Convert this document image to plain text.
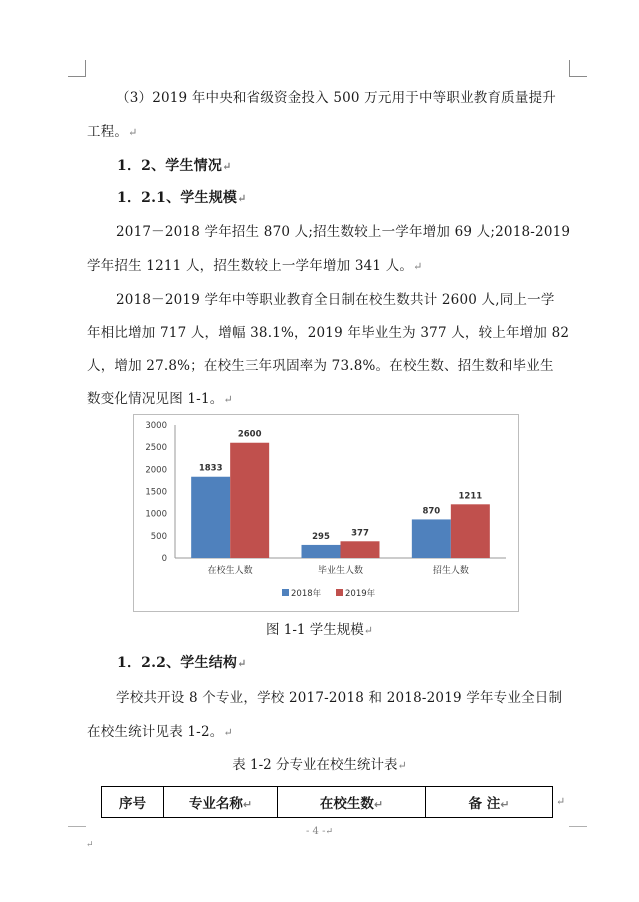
（3）2019 年中央和省级资金投入 500 万元用于中等职业教育质量提升
工程。↵
1．2、学生情况↵
1．2.1、学生规模↵
2017－2018 学年招生 870 人;招生数较上一学年增加 69 人;2018-2019
学年招生 1211 人，招生数较上一学年增加 341 人。↵
2018－2019 学年中等职业教育全日制在校生数共计 2600 人,同上一学
年相比增加 717 人，增幅 38.1%，2019 年毕业生为 377 人，较上年增加 82
人，增加 27.8%；在校生三年巩固率为 73.8%。在校生数、招生数和毕业生
数变化情况见图 1-1。↵
0
500
1000
1500
2000
2500
3000
1833
2600
在校生人数
295	377
毕业生人数
870
1211
招生人数
2018年	2019年
图 1-1 学生规模↵
1．2.2、学生结构↵
学校共开设 8 个专业，学校 2017-2018 和 2018-2019 学年专业全日制
在校生统计见表 1-2。↵
表 1-2 分专业在校生统计表↵
序号	专业名称↵	在校生数↵	备 注↵	↵
- 4 -↵
↵
